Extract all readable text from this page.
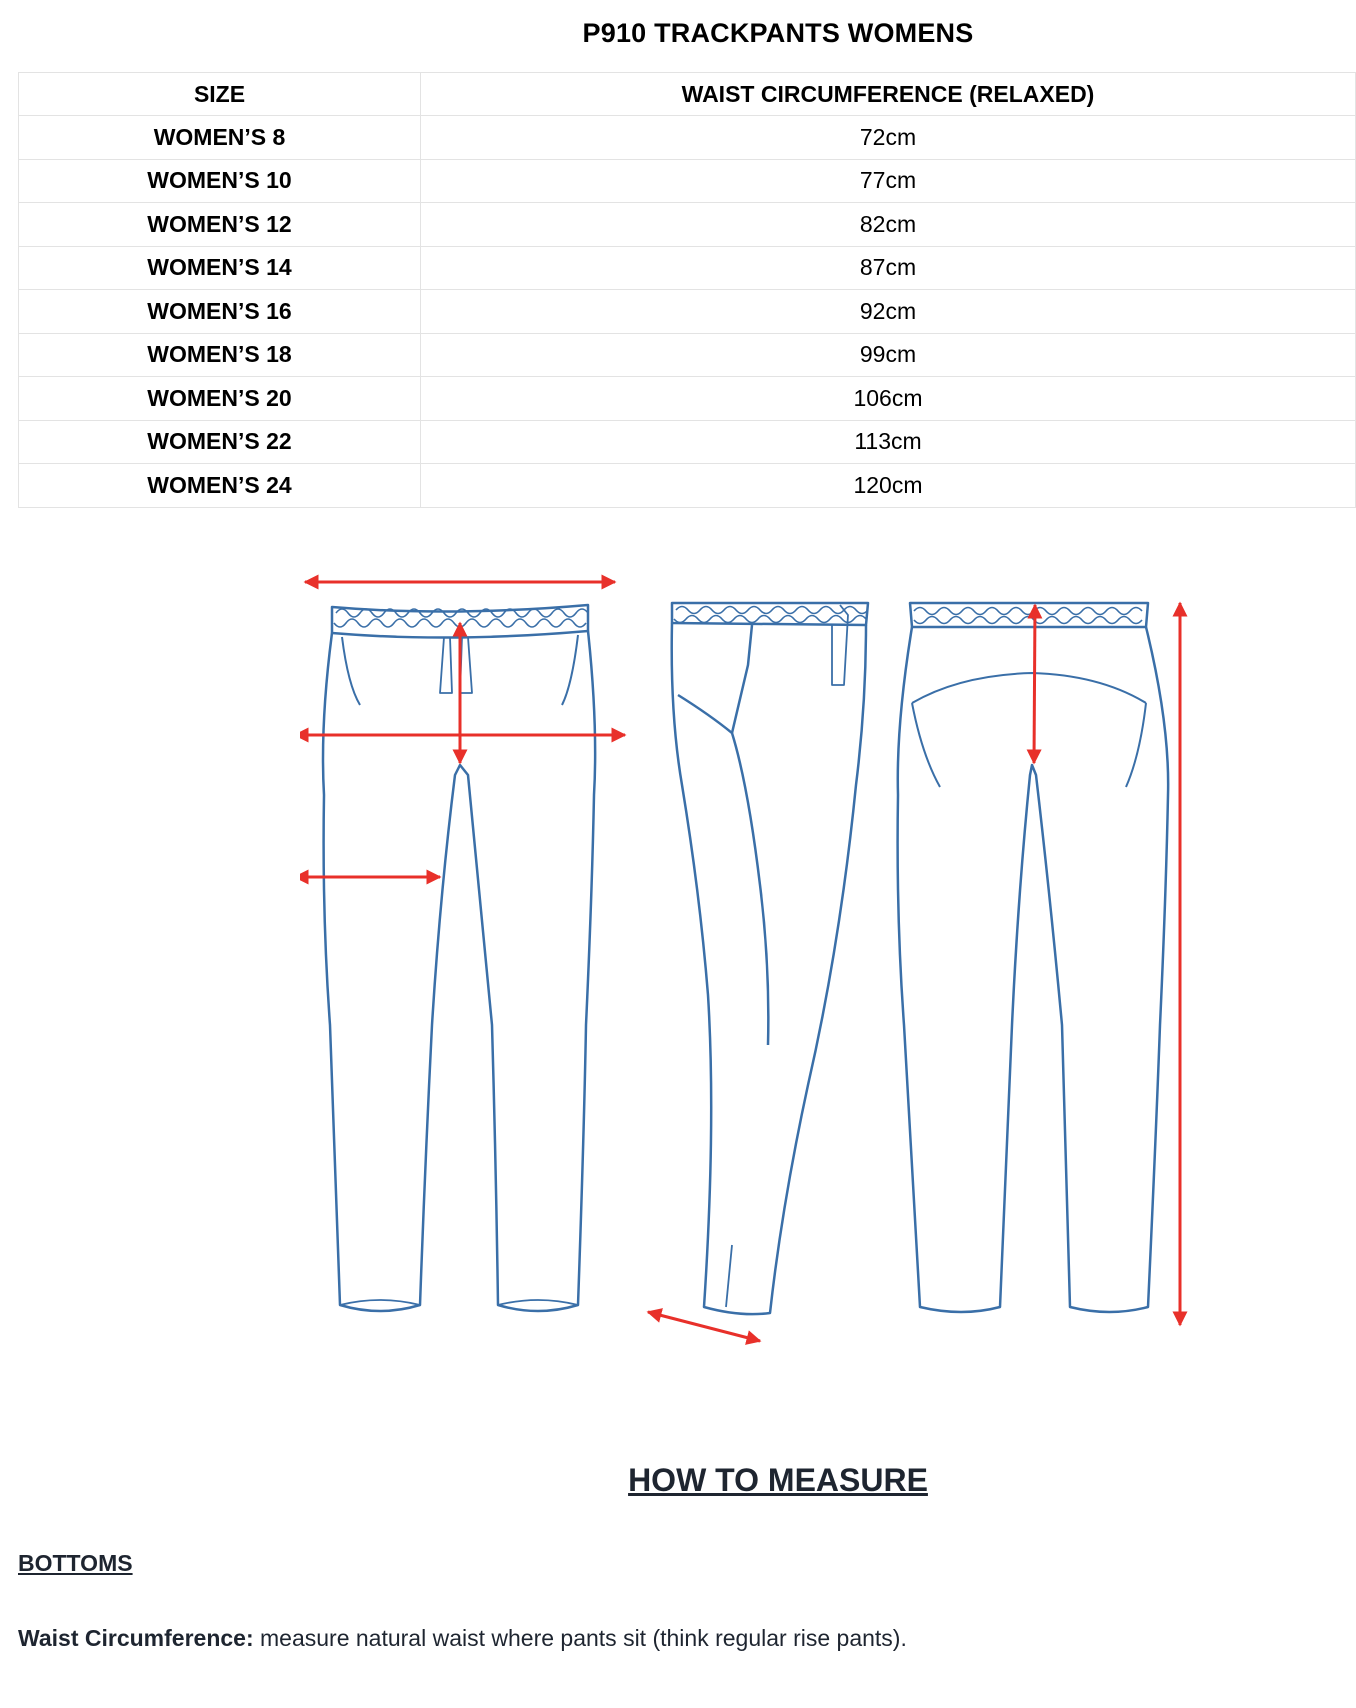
P910 TRACKPANTS WOMENS
SIZE	WAIST CIRCUMFERENCE (RELAXED)
WOMEN’S 8	72cm
WOMEN’S 10	77cm
WOMEN’S 12	82cm
WOMEN’S 14	87cm
WOMEN’S 16	92cm
WOMEN’S 18	99cm
WOMEN’S 20	106cm
WOMEN’S 22	113cm
WOMEN’S 24	120cm
HOW TO MEASURE
BOTTOMS
Waist Circumference: measure natural waist where pants sit (think regular rise pants).
